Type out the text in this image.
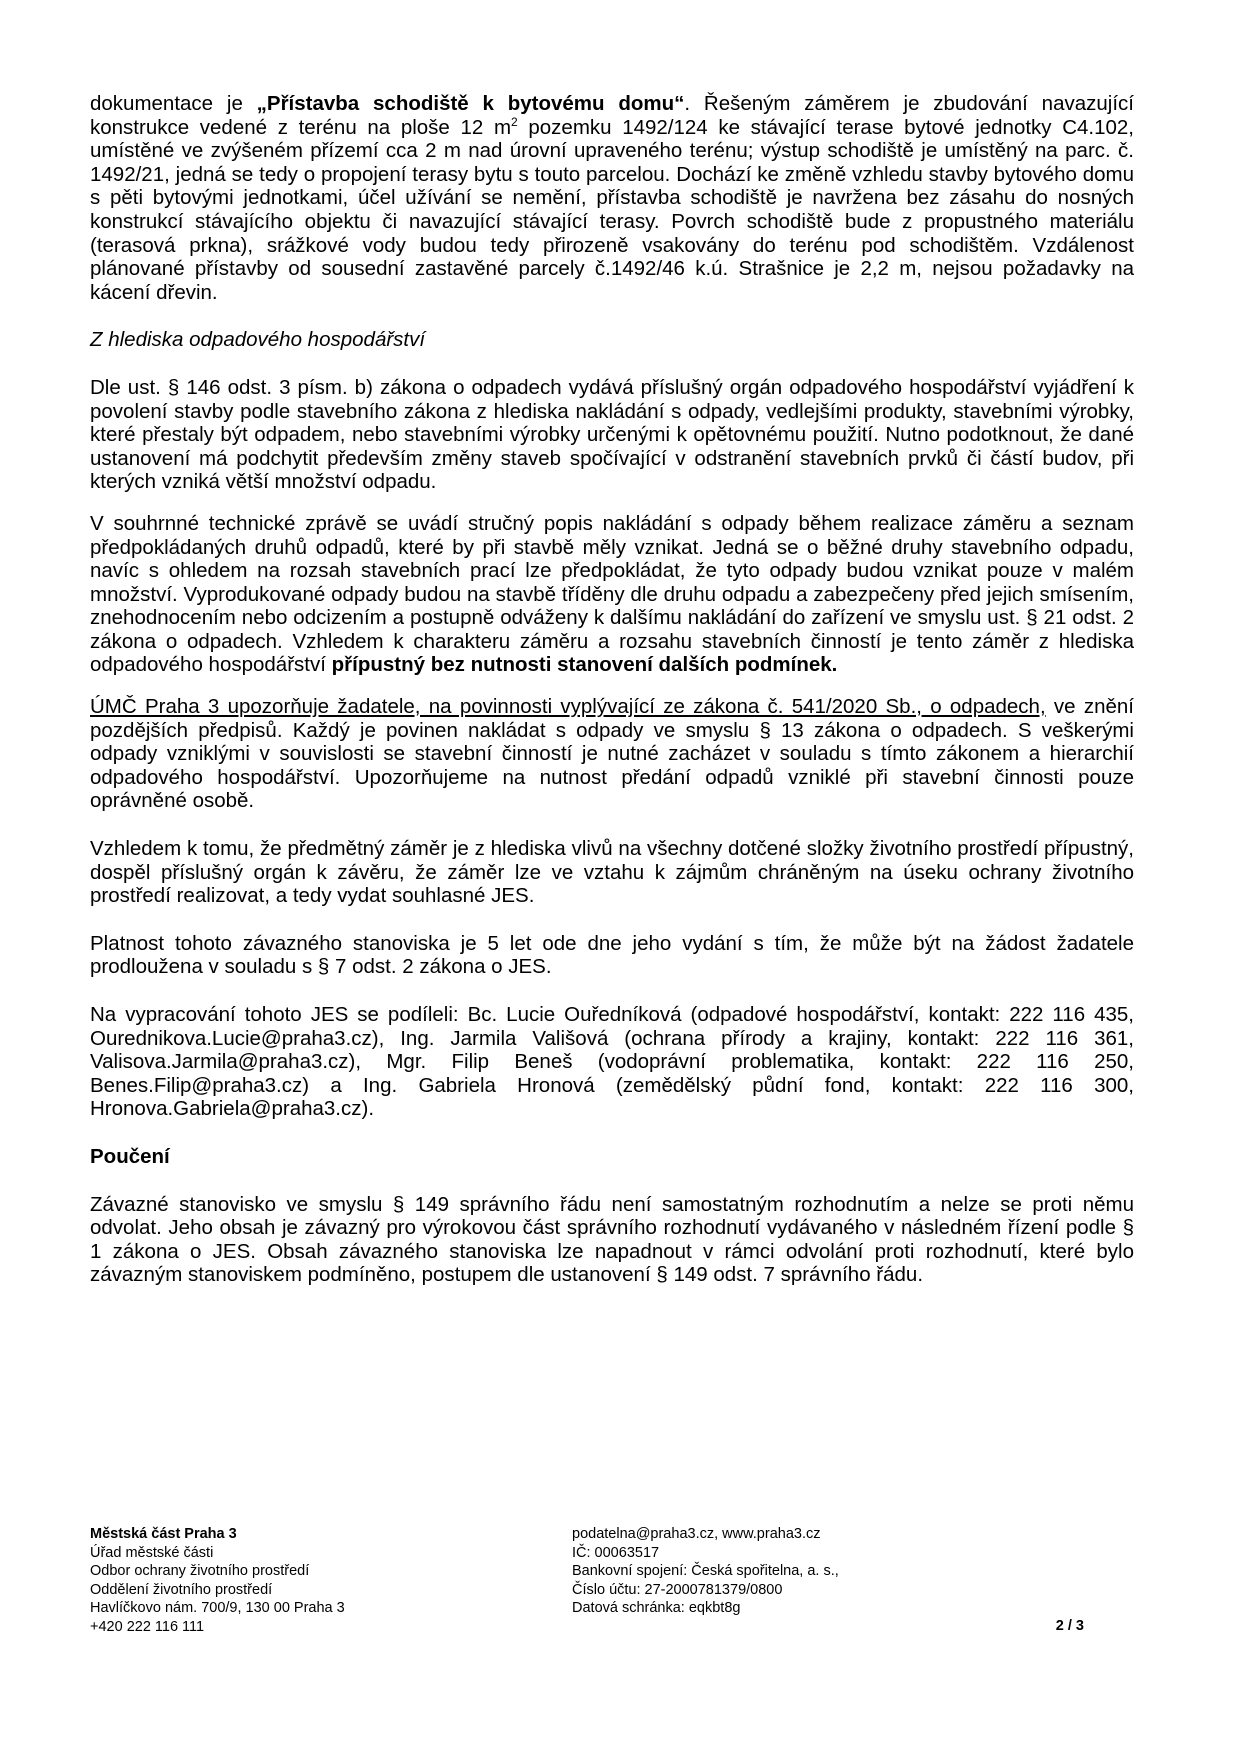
dokumentace je „Přístavba schodiště k bytovému domu“. Řešeným záměrem je zbudování navazující konstrukce vedené z terénu na ploše 12 $m^2$ pozemku 1492/124 ke stávající terase bytové jednotky C4.102, umístěné ve zvýšeném přízemí cca 2 m nad úrovní upraveného terénu; výstup schodiště je umístěný na parc. č. 1492/21, jedná se tedy o propojení terasy bytu s touto parcelou. Dochází ke změně vzhledu stavby bytového domu s pěti bytovými jednotkami, účel užívání se nemění, přístavba schodiště je navržena bez zásahu do nosných konstrukcí stávajícího objektu či navazující stávající terasy. Povrch schodiště bude z propustného materiálu (terasová prkna), srážkové vody budou tedy přirozeně vsakovány do terénu pod schodištěm. Vzdálenost plánované přístavby od sousední zastavěné parcely č.1492/46 k.ú. Strašnice je 2,2 m, nejsou požadavky na kácení dřevin.

Z hlediska odpadového hospodářství

Dle ust. § 146 odst. 3 písm. b) zákona o odpadech vydává příslušný orgán odpadového hospodářství vyjádření k povolení stavby podle stavebního zákona z hlediska nakládání s odpady, vedlejšími produkty, stavebními výrobky, které přestaly být odpadem, nebo stavebními výrobky určenými k opětovnému použití. Nutno podotknout, že dané ustanovení má podchytit především změny staveb spočívající v odstranění stavebních prvků či částí budov, při kterých vzniká větší množství odpadu.

V souhrnné technické zprávě se uvádí stručný popis nakládání s odpady během realizace záměru a seznam předpokládaných druhů odpadů, které by při stavbě měly vznikat. Jedná se o běžné druhy stavebního odpadu, navíc s ohledem na rozsah stavebních prací lze předpokládat, že tyto odpady budou vznikat pouze v malém množství. Vyprodukované odpady budou na stavbě tříděny dle druhu odpadu a zabezpečeny před jejich smísením, znehodnocením nebo odcizením a postupně odváženy k dalšímu nakládání do zařízení ve smyslu ust. § 21 odst. 2 zákona o odpadech. Vzhledem k charakteru záměru a rozsahu stavebních činností je tento záměr z hlediska odpadového hospodářství přípustný bez nutnosti stanovení dalších podmínek.

ÚMČ Praha 3 upozorňuje žadatele, na povinnosti vyplývající ze zákona č. 541/2020 Sb., o odpadech, ve znění pozdějších předpisů. Každý je povinen nakládat s odpady ve smyslu § 13 zákona o odpadech. S veškerými odpady vzniklými v souvislosti se stavební činností je nutné zacházet v souladu s tímto zákonem a hierarchií odpadového hospodářství. Upozorňujeme na nutnost předání odpadů vzniklé při stavební činnosti pouze oprávněné osobě.

Vzhledem k tomu, že předmětný záměr je z hlediska vlivů na všechny dotčené složky životního prostředí přípustný, dospěl příslušný orgán k závěru, že záměr lze ve vztahu k zájmům chráněným na úseku ochrany životního prostředí realizovat, a tedy vydat souhlasné JES.

Platnost tohoto závazného stanoviska je 5 let ode dne jeho vydání s tím, že může být na žádost žadatele prodloužena v souladu s § 7 odst. 2 zákona o JES.

Na vypracování tohoto JES se podíleli: Bc. Lucie Ouředníková (odpadové hospodářství, kontakt: 222 116 435, Ourednikova.Lucie@praha3.cz), Ing. Jarmila Vališová (ochrana přírody a krajiny, kontakt: 222 116 361, Valisova.Jarmila@praha3.cz), Mgr. Filip Beneš (vodoprávní problematika, kontakt: 222 116 250, Benes.Filip@praha3.cz) a Ing. Gabriela Hronová (zemědělský půdní fond, kontakt: 222 116 300, Hronova.Gabriela@praha3.cz).

Poučení

Závazné stanovisko ve smyslu § 149 správního řádu není samostatným rozhodnutím a nelze se proti němu odvolat. Jeho obsah je závazný pro výrokovou část správního rozhodnutí vydávaného v následném řízení podle § 1 zákona o JES. Obsah závazného stanoviska lze napadnout v rámci odvolání proti rozhodnutí, které bylo závazným stanoviskem podmíněno, postupem dle ustanovení § 149 odst. 7 správního řádu.

Městská část Praha 3
Úřad městské části
Odbor ochrany životního prostředí
Oddělení životního prostředí
Havlíčkovo nám. 700/9, 130 00 Praha 3
+420 222 116 111
podatelna@praha3.cz, www.praha3.cz
IČ: 00063517
Bankovní spojení: Česká spořitelna, a. s.,
Číslo účtu: 27-2000781379/0800
Datová schránka: eqkbt8g
2 / 3
